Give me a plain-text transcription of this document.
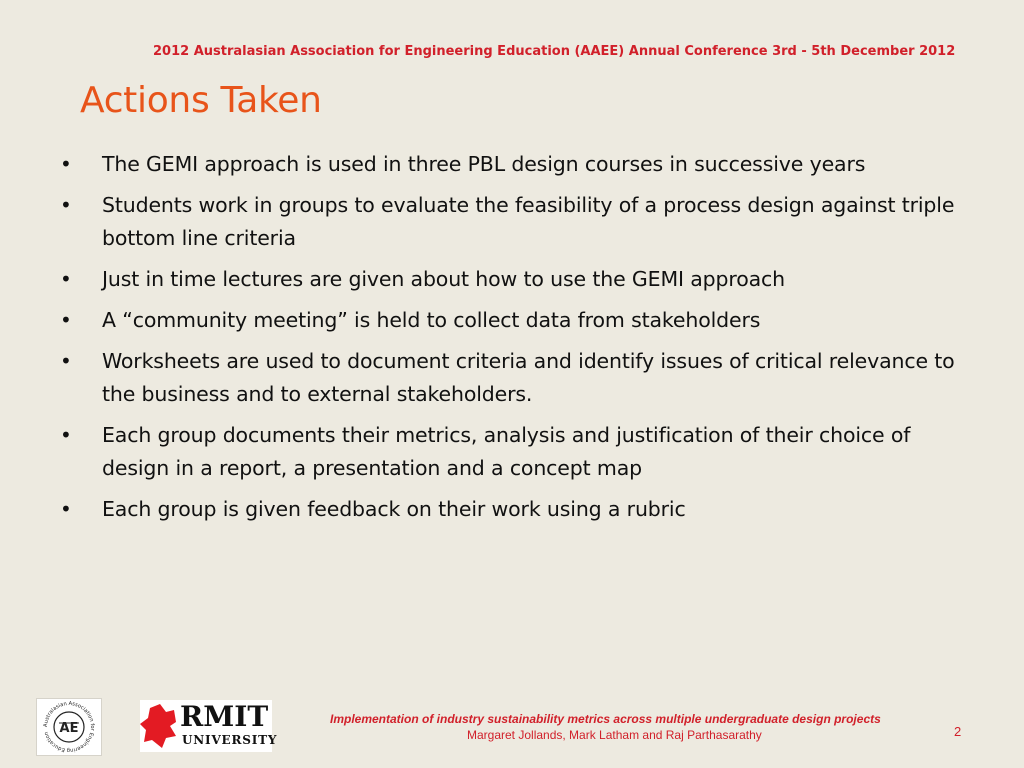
2012 Australasian Association for Engineering Education (AAEE) Annual Conference 3rd - 5th December 2012
Actions Taken
• The GEMI approach is used in three PBL design courses in successive years
• Students work in groups to evaluate the feasibility of a process design against triple bottom line criteria
• Just in time lectures are given about how to use the GEMI approach
• A “community meeting” is held to collect data from stakeholders
• Worksheets are used to document criteria and identify issues of critical relevance to the business and to external stakeholders.
• Each group documents their metrics, analysis and justification of their choice of design in a report, a presentation and a concept map
• Each group is given feedback on their work using a rubric
Australasian Association for Engineering Education AE	RMIT
UNIVERSITY
Implementation of industry sustainability metrics across multiple undergraduate design projects
Margaret Jollands, Mark Latham and Raj Parthasarathy	2
